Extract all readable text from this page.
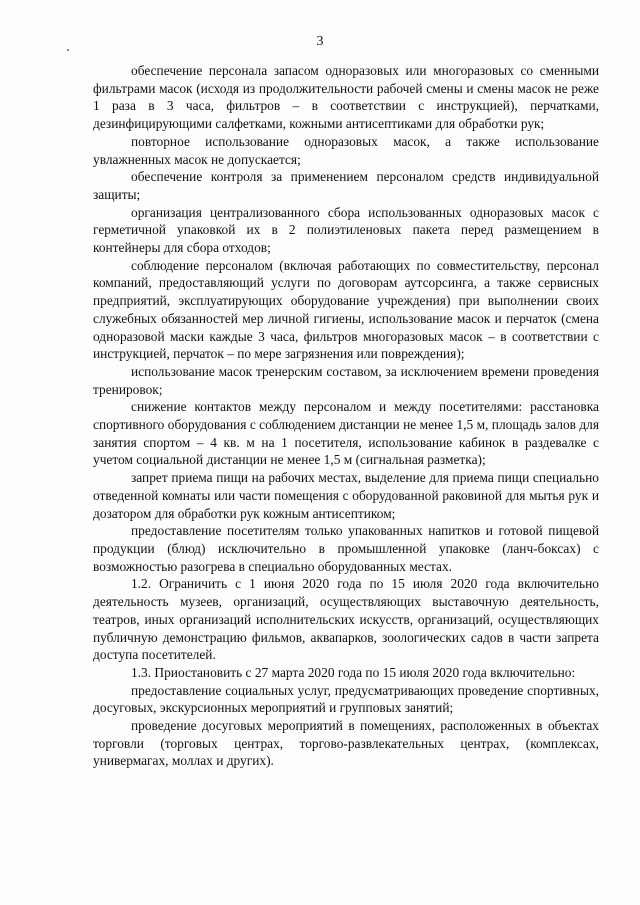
3

обеспечение персонала запасом одноразовых или многоразовых со сменными фильтрами масок (исходя из продолжительности рабочей смены и смены масок не реже 1 раза в 3 часа, фильтров – в соответствии с инструкцией), перчатками, дезинфицирующими салфетками, кожными антисептиками для обработки рук;

повторное использование одноразовых масок, а также использование увлажненных масок не допускается;

обеспечение контроля за применением персоналом средств индивидуальной защиты;

организация централизованного сбора использованных одноразовых масок с герметичной упаковкой их в 2 полиэтиленовых пакета перед размещением в контейнеры для сбора отходов;

соблюдение персоналом (включая работающих по совместительству, персонал компаний, предоставляющий услуги по договорам аутсорсинга, а также сервисных предприятий, эксплуатирующих оборудование учреждения) при выполнении своих служебных обязанностей мер личной гигиены, использование масок и перчаток (смена одноразовой маски каждые 3 часа, фильтров многоразовых масок – в соответствии с инструкцией, перчаток – по мере загрязнения или повреждения);

использование масок тренерским составом, за исключением времени проведения тренировок;

снижение контактов между персоналом и между посетителями: расстановка спортивного оборудования с соблюдением дистанции не менее 1,5 м, площадь залов для занятия спортом – 4 кв. м на 1 посетителя, использование кабинок в раздевалке с учетом социальной дистанции не менее 1,5 м (сигнальная разметка);

запрет приема пищи на рабочих местах, выделение для приема пищи специально отведенной комнаты или части помещения с оборудованной раковиной для мытья рук и дозатором для обработки рук кожным антисептиком;

предоставление посетителям только упакованных напитков и готовой пищевой продукции (блюд) исключительно в промышленной упаковке (ланч-боксах) с возможностью разогрева в специально оборудованных местах.

1.2. Ограничить с 1 июня 2020 года по 15 июля 2020 года включительно деятельность музеев, организаций, осуществляющих выставочную деятельность, театров, иных организаций исполнительских искусств, организаций, осуществляющих публичную демонстрацию фильмов, аквапарков, зоологических садов в части запрета доступа посетителей.

1.3. Приостановить с 27 марта 2020 года по 15 июля 2020 года включительно:

предоставление социальных услуг, предусматривающих проведение спортивных, досуговых, экскурсионных мероприятий и групповых занятий;

проведение досуговых мероприятий в помещениях, расположенных в объектах торговли (торговых центрах, торгово-развлекательных центрах, (комплексах, универмагах, моллах и других).
